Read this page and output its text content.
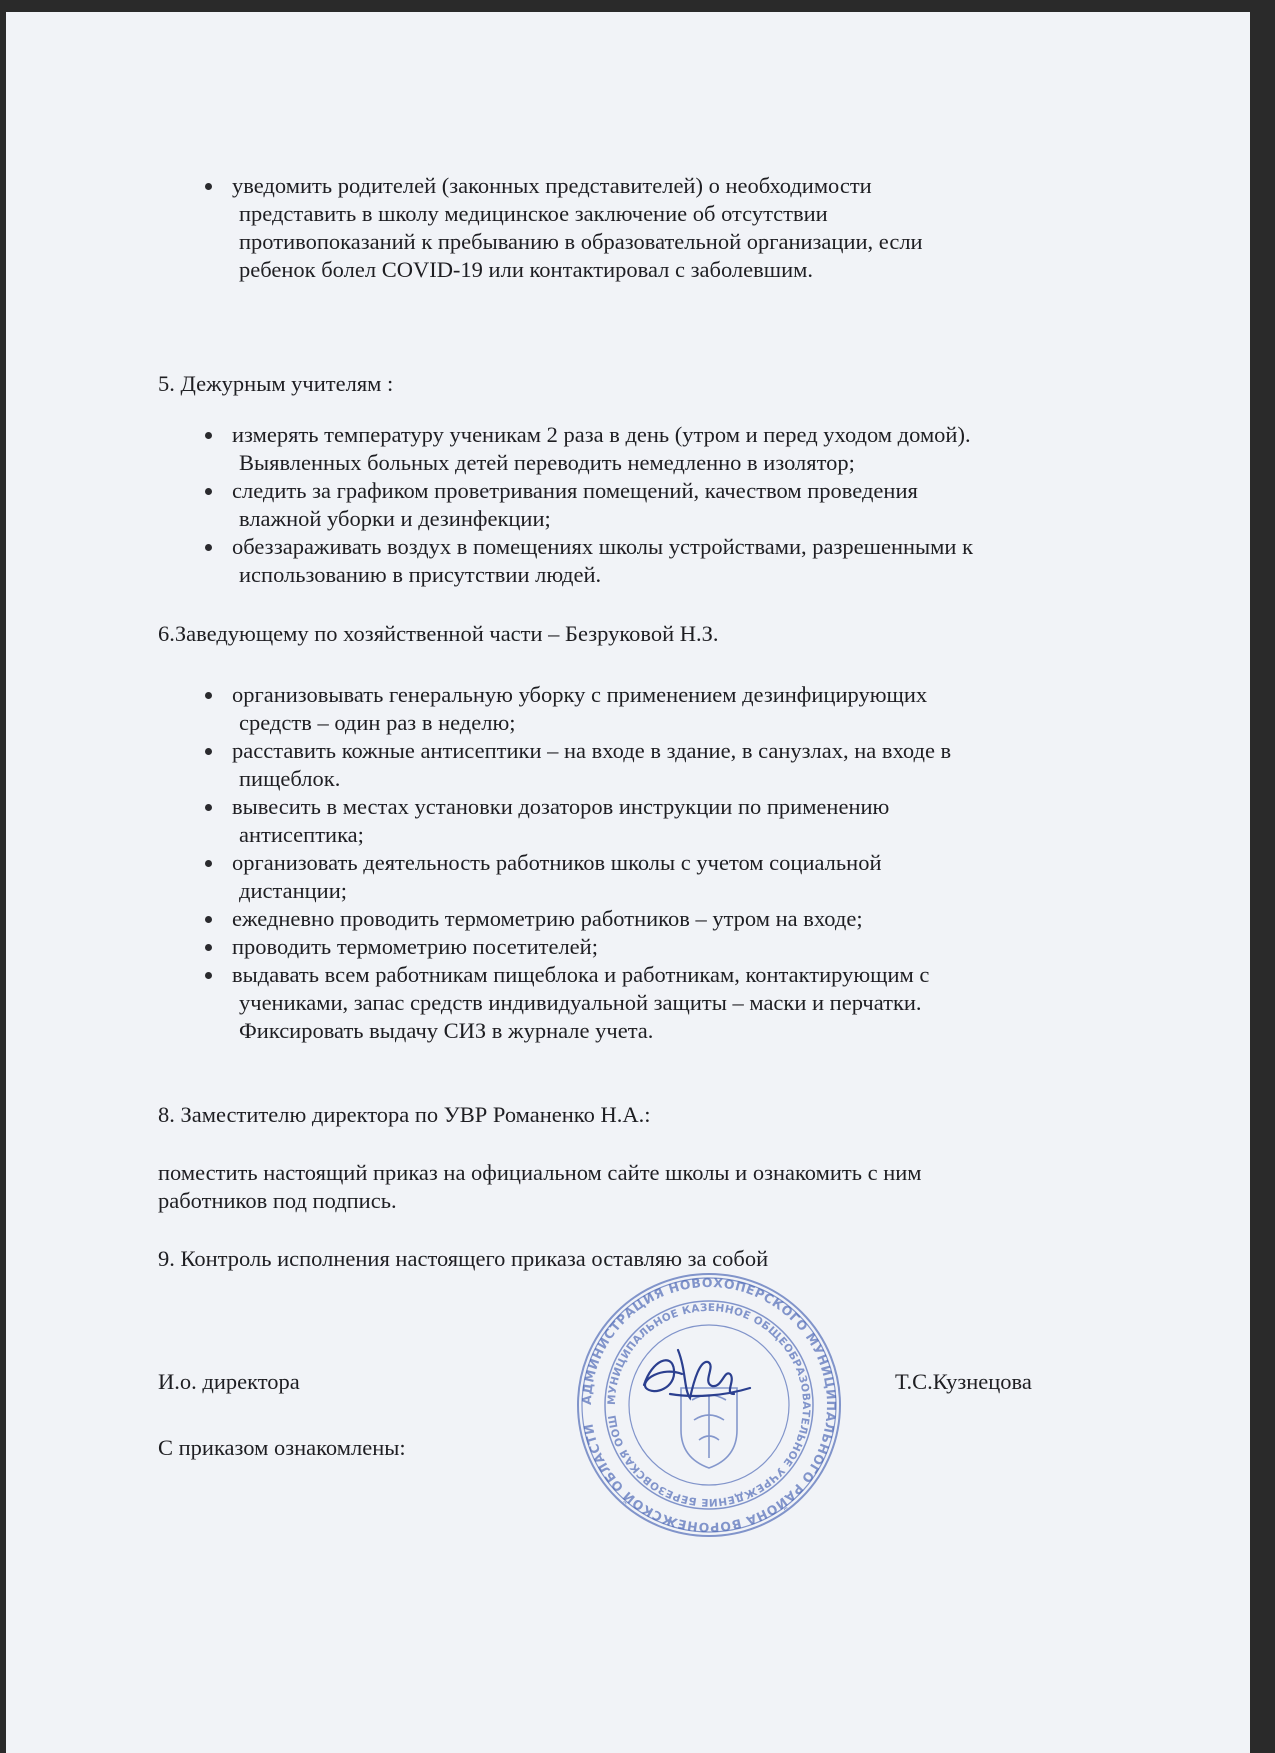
уведомить родителей (законных представителей) о необходимости
представить в школу медицинское заключение об отсутствии
противопоказаний к пребыванию в образовательной организации, если
ребенок болел COVID-19 или контактировал с заболевшим.
5. Дежурным учителям :
измерять температуру ученикам 2 раза в день (утром и перед уходом домой).
Выявленных больных детей переводить немедленно в изолятор;
следить за графиком проветривания помещений, качеством проведения
влажной уборки и дезинфекции;
обеззараживать воздух в помещениях школы устройствами, разрешенными к
использованию в присутствии людей.
6.Заведующему по хозяйственной части – Безруковой Н.З.
организовывать генеральную уборку с применением дезинфицирующих
средств – один раз в неделю;
расставить кожные антисептики – на входе в здание, в санузлах, на входе в
пищеблок.
вывесить в местах установки дозаторов инструкции по применению
антисептика;
организовать деятельность работников школы с учетом социальной
дистанции;
ежедневно проводить термометрию работников – утром на входе;
проводить термометрию посетителей;
выдавать всем работникам пищеблока и работникам, контактирующим с
учениками, запас средств индивидуальной защиты – маски и перчатки.
Фиксировать выдачу СИЗ в журнале учета.
8. Заместителю директора по УВР Романенко Н.А.:
поместить настоящий приказ на официальном сайте школы и ознакомить с ним
работников под подпись.
9. Контроль исполнения настоящего приказа оставляю за собой
И.о. директора	Т.С.Кузнецова
С приказом ознакомлены:
АДМИНИСТРАЦИЯ НОВОХОПЕРСКОГО МУНИЦИПАЛЬНОГО РАЙОНА ВОРОНЕЖСКОЙ ОБЛАСТИ
МУНИЦИПАЛЬНОЕ КАЗЕННОЕ ОБЩЕОБРАЗОВАТЕЛЬНОЕ УЧРЕЖДЕНИЕ БЕРЕЗОВСКАЯ ООШ
